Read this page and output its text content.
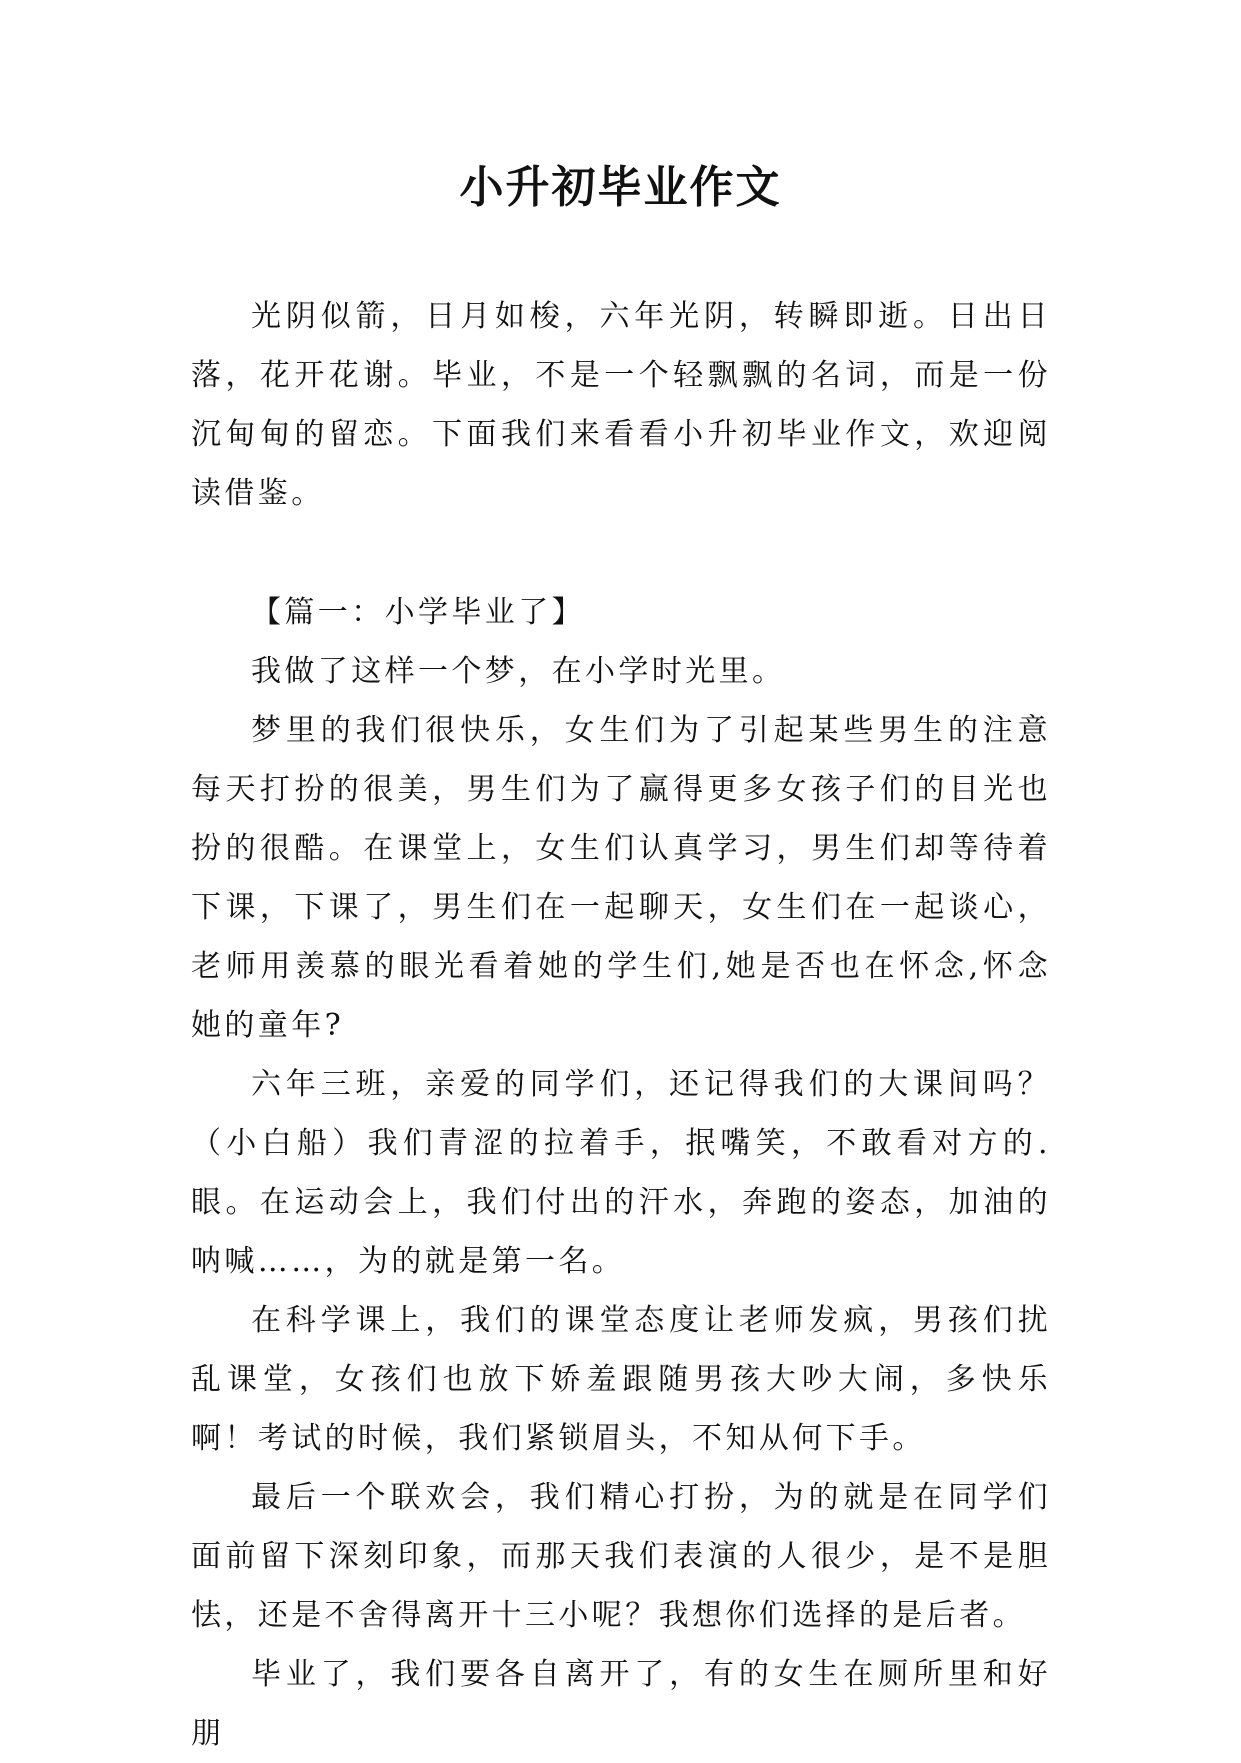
小升初毕业作文

光阴似箭，日月如梭，六年光阴，转瞬即逝。日出日落，花开花谢。毕业，不是一个轻飘飘的名词，而是一份沉甸甸的留恋。下面我们来看看小升初毕业作文，欢迎阅读借鉴。

【篇一：小学毕业了】

我做了这样一个梦，在小学时光里。

梦里的我们很快乐，女生们为了引起某些男生的注意每天打扮的很美，男生们为了赢得更多女孩子们的目光也扮的很酷。在课堂上，女生们认真学习，男生们却等待着下课，下课了，男生们在一起聊天，女生们在一起谈心，老师用羡慕的眼光看着她的学生们,她是否也在怀念,怀念她的童年?

六年三班，亲爱的同学们，还记得我们的大课间吗？（小白船）我们青涩的拉着手，抿嘴笑，不敢看对方的.眼。在运动会上，我们付出的汗水，奔跑的姿态，加油的呐喊……，为的就是第一名。

在科学课上，我们的课堂态度让老师发疯，男孩们扰乱课堂，女孩们也放下娇羞跟随男孩大吵大闹，多快乐啊！考试的时候，我们紧锁眉头，不知从何下手。

最后一个联欢会，我们精心打扮，为的就是在同学们面前留下深刻印象，而那天我们表演的人很少，是不是胆怯，还是不舍得离开十三小呢？我想你们选择的是后者。

毕业了，我们要各自离开了，有的女生在厕所里和好朋
